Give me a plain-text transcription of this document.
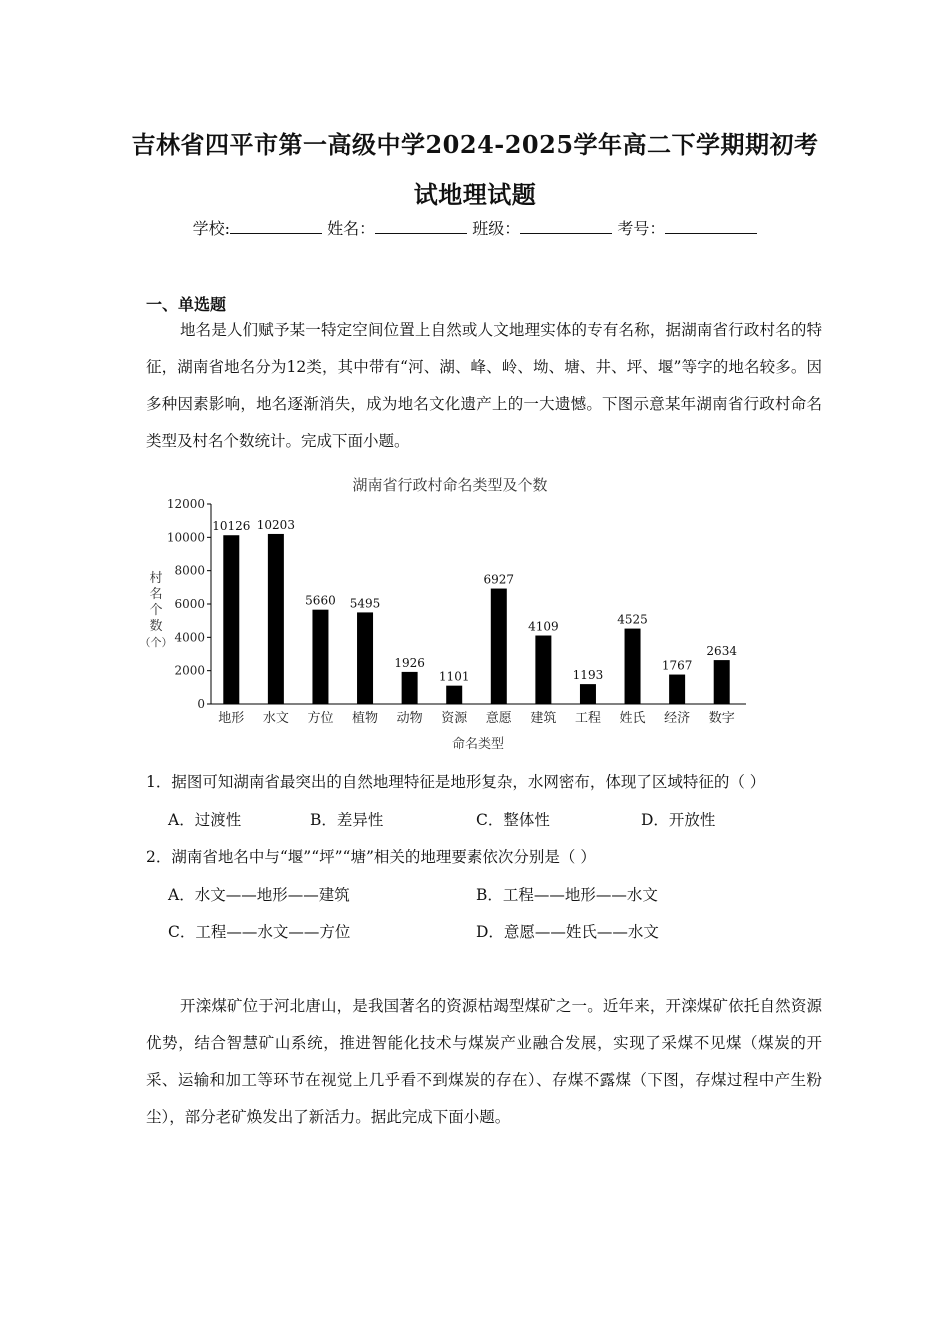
吉林省四平市第一高级中学2024-2025学年高二下学期期初考
试地理试题
学校:	姓名：	班级：	考号：
一、单选题

地名是人们赋予某一特定空间位置上自然或人文地理实体的专有名称，据湖南省行政村名的特征，湖南省地名分为12类，其中带有“河、湖、峰、岭、坳、塘、井、坪、堰”等字的地名较多。因多种因素影响，地名逐渐消失，成为地名文化遗产上的一大遗憾。下图示意某年湖南省行政村命名类型及村名个数统计。完成下面小题。

湖南省行政村命名类型及个数
村
名
个
数
（个）
命名类型
0
2000
4000
6000
8000
10000
12000
10126
地形
10203
水文
5660
方位
5495
植物
1926
动物
1101
资源
6927
意愿
4109
建筑
1193
工程
4525
姓氏
1767
经济
2634
数字
1．据图可知湖南省最突出的自然地理特征是地形复杂，水网密布，体现了区域特征的（ ）
A．过渡性	B．差异性	C．整体性	D．开放性
2．湖南省地名中与“堰”“坪”“塘”相关的地理要素依次分别是（ ）
A．水文——地形——建筑	B．工程——地形——水文
C．工程——水文——方位	D．意愿——姓氏——水文

开滦煤矿位于河北唐山，是我国著名的资源枯竭型煤矿之一。近年来，开滦煤矿依托自然资源优势，结合智慧矿山系统，推进智能化技术与煤炭产业融合发展，实现了采煤不见煤（煤炭的开采、运输和加工等环节在视觉上几乎看不到煤炭的存在）、存煤不露煤（下图，存煤过程中产生粉尘），部分老矿焕发出了新活力。据此完成下面小题。
